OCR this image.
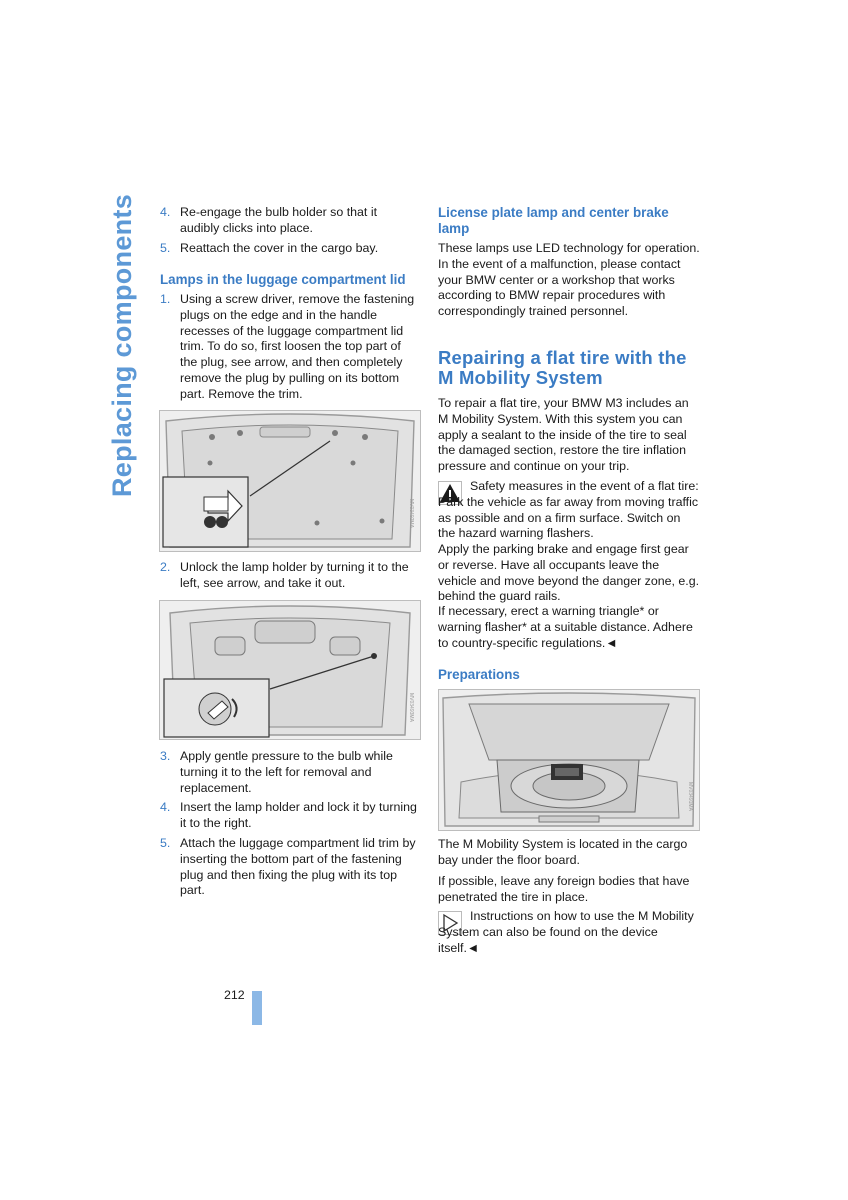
Replacing components 4. Re-engage the bulb holder so that it audibly clicks into place.
5. Reattach the cover in the cargo bay.
Lamps in the luggage compartment lid
1. Using a screw driver, remove the fastening plugs on the edge and in the handle recesses of the luggage compartment lid trim. To do so, first loosen the top part of the plug, see arrow, and then completely remove the plug by pulling on its bottom part. Remove the trim.
MV03492MA
2. Unlock the lamp holder by turning it to the left, see arrow, and take it out.
MV03493MA
3. Apply gentle pressure to the bulb while turning it to the left for removal and replacement.
4. Insert the lamp holder and lock it by turning it to the right.
5. Attach the luggage compartment lid trim by inserting the bottom part of the fastening plug and then fixing the plug with its top part.
License plate lamp and center brake lamp
These lamps use LED technology for operation. In the event of a malfunction, please contact your BMW center or a workshop that works according to BMW repair procedures with correspondingly trained personnel.
Repairing a flat tire with the
M Mobility System
To repair a flat tire, your BMW M3 includes an M Mobility System. With this system you can apply a sealant to the inside of the tire to seal the damaged section, restore the tire inflation pressure and continue on your trip.
Safety measures in the event of a flat tire: Park the vehicle as far away from moving traffic as possible and on a firm surface. Switch on the hazard warning flashers.
Apply the parking brake and engage first gear or reverse. Have all occupants leave the vehicle and move beyond the danger zone, e.g. behind the guard rails.
If necessary, erect a warning triangle* or warning flasher* at a suitable distance. Adhere to country-specific regulations.◄
Preparations
MV03491MA
The M Mobility System is located in the cargo bay under the floor board.
If possible, leave any foreign bodies that have penetrated the tire in place.
Instructions on how to use the M Mobility System can also be found on the device itself.◄
212
